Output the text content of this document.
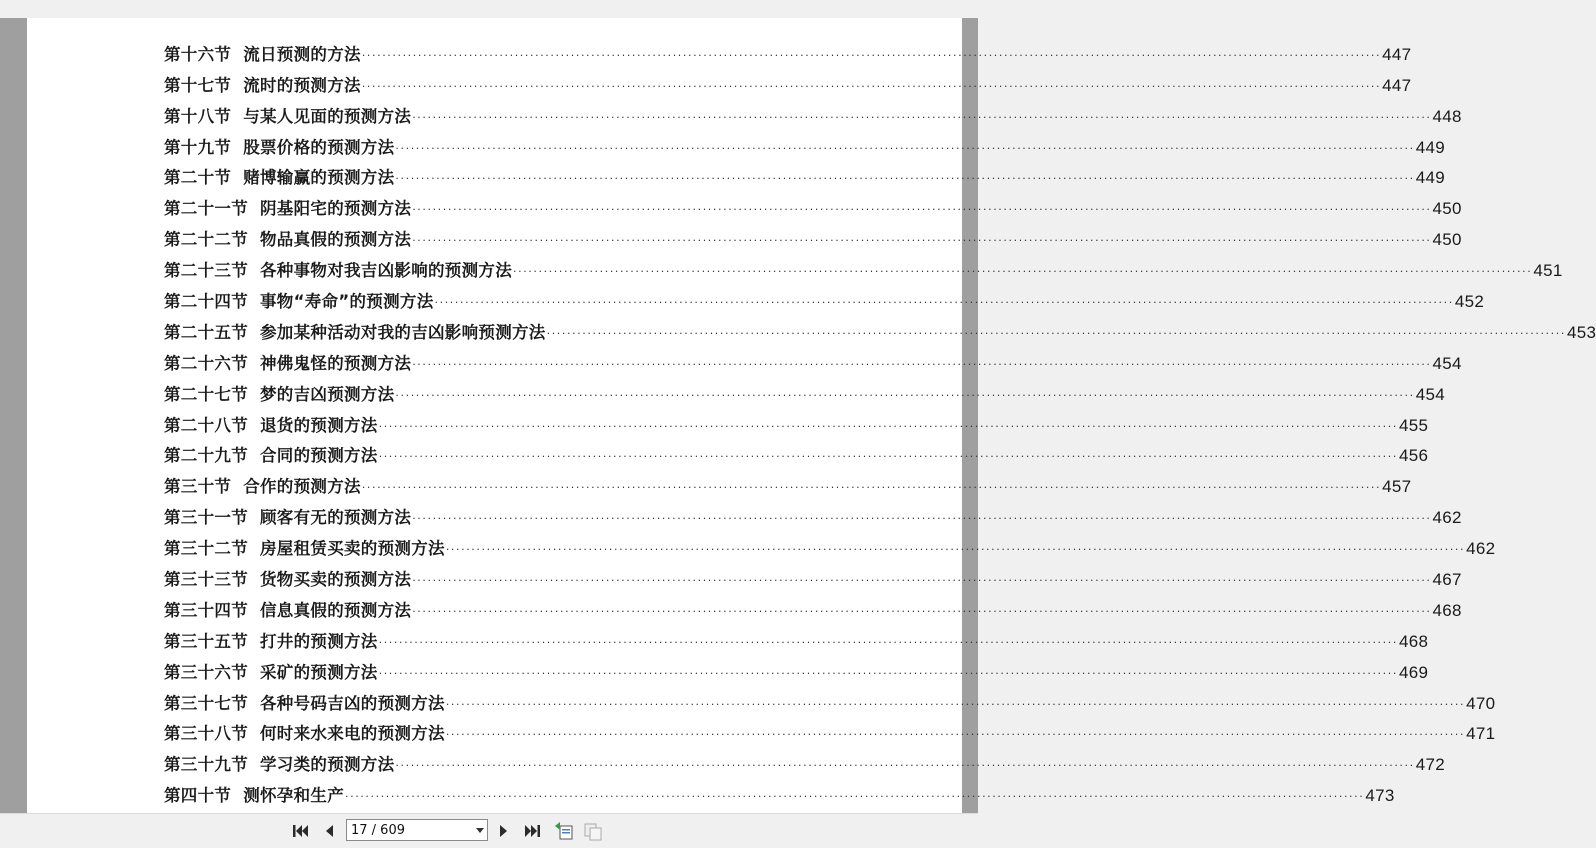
第十六节 流日预测的方法 ········································································································································································································ 447
第十七节 流时的预测方法 ········································································································································································································ 447
第十八节 与某人见面的预测方法 ········································································································································································································ 448
第十九节 股票价格的预测方法 ········································································································································································································ 449
第二十节 赌博输赢的预测方法 ········································································································································································································ 449
第二十一节 阴基阳宅的预测方法 ········································································································································································································ 450
第二十二节 物品真假的预测方法 ········································································································································································································ 450
第二十三节 各种事物对我吉凶影响的预测方法 ········································································································································································································ 451
第二十四节 事物“寿命”的预测方法 ········································································································································································································ 452
第二十五节 参加某种活动对我的吉凶影响预测方法 ········································································································································································································ 453
第二十六节 神佛鬼怪的预测方法 ········································································································································································································ 454
第二十七节 梦的吉凶预测方法 ········································································································································································································ 454
第二十八节 退货的预测方法 ········································································································································································································ 455
第二十九节 合同的预测方法 ········································································································································································································ 456
第三十节 合作的预测方法 ········································································································································································································ 457
第三十一节 顾客有无的预测方法 ········································································································································································································ 462
第三十二节 房屋租赁买卖的预测方法 ········································································································································································································ 462
第三十三节 货物买卖的预测方法 ········································································································································································································ 467
第三十四节 信息真假的预测方法 ········································································································································································································ 468
第三十五节 打井的预测方法 ········································································································································································································ 468
第三十六节 采矿的预测方法 ········································································································································································································ 469
第三十七节 各种号码吉凶的预测方法 ········································································································································································································ 470
第三十八节 何时来水来电的预测方法 ········································································································································································································ 471
第三十九节 学习类的预测方法 ········································································································································································································ 472
第四十节 测怀孕和生产 ········································································································································································································ 473
17 / 609
